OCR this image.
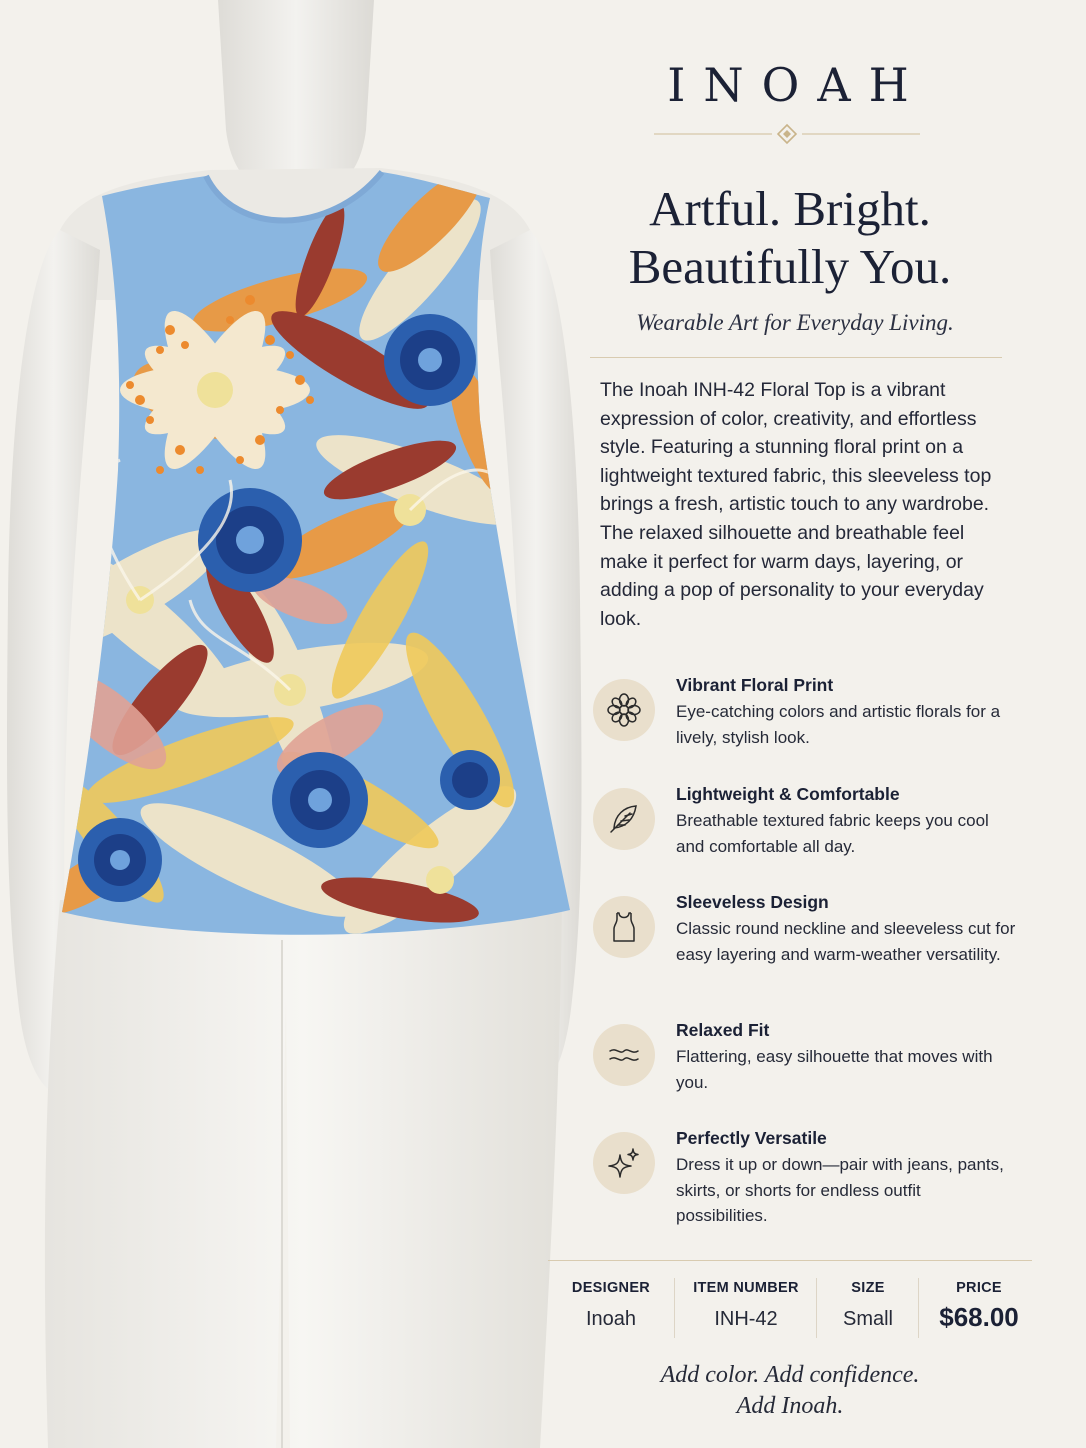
INOAH
Artful. Bright.
Beautifully You.
Wearable Art for Everyday Living.
The Inoah INH-42 Floral Top is a vibrant expression of color, creativity, and effortless style. Featuring a stunning floral print on a lightweight textured fabric, this sleeveless top brings a fresh, artistic touch to any wardrobe. The relaxed silhouette and breathable feel make it perfect for warm days, layering, or adding a pop of personality to your everyday look.
Vibrant Floral Print
Eye-catching colors and artistic florals for a lively, stylish look.
Lightweight & Comfortable
Breathable textured fabric keeps you cool and comfortable all day.
Sleeveless Design
Classic round neckline and sleeveless cut for easy layering and warm-weather versatility.
Relaxed Fit
Flattering, easy silhouette that moves with you.
Perfectly Versatile
Dress it up or down—pair with jeans, pants, skirts, or shorts for endless outfit possibilities.
DESIGNER
Inoah
ITEM NUMBER
INH-42
SIZE
Small
PRICE
$68.00
Add color. Add confidence.
Add Inoah.
